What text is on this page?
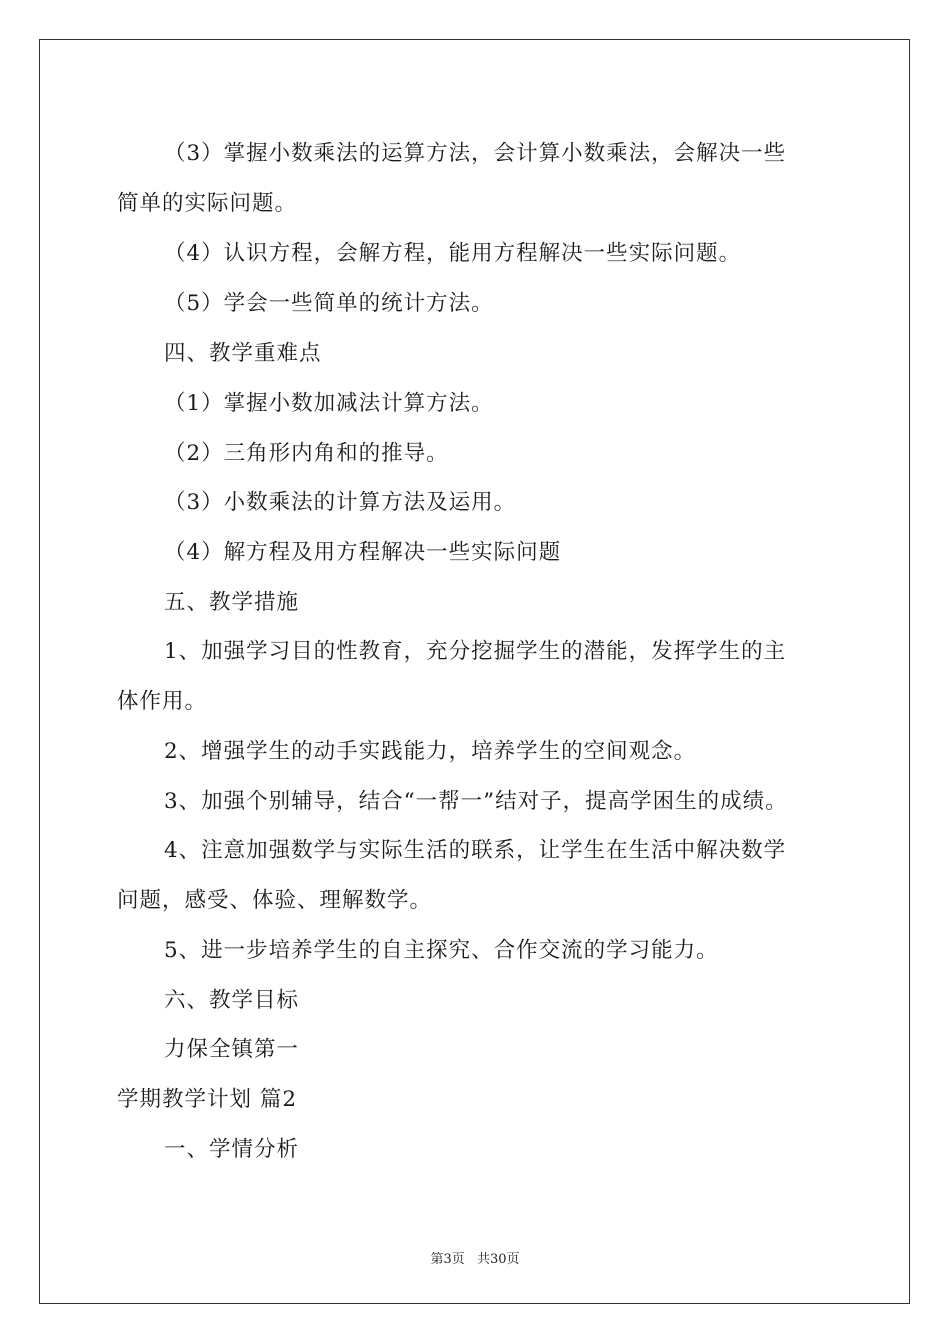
（3）掌握小数乘法的运算方法，会计算小数乘法，会解决一些
简单的实际问题。
（4）认识方程，会解方程，能用方程解决一些实际问题。
（5）学会一些简单的统计方法。
四、教学重难点
（1）掌握小数加减法计算方法。
（2）三角形内角和的推导。
（3）小数乘法的计算方法及运用。
（4）解方程及用方程解决一些实际问题
五、教学措施
1、加强学习目的性教育，充分挖掘学生的潜能，发挥学生的主
体作用。
2、增强学生的动手实践能力，培养学生的空间观念。
3、加强个别辅导，结合“一帮一”结对子，提高学困生的成绩。
4、注意加强数学与实际生活的联系，让学生在生活中解决数学
问题，感受、体验、理解数学。
5、进一步培养学生的自主探究、合作交流的学习能力。
六、教学目标
力保全镇第一
学期教学计划 篇2
一、学情分析
第3页 共30页
